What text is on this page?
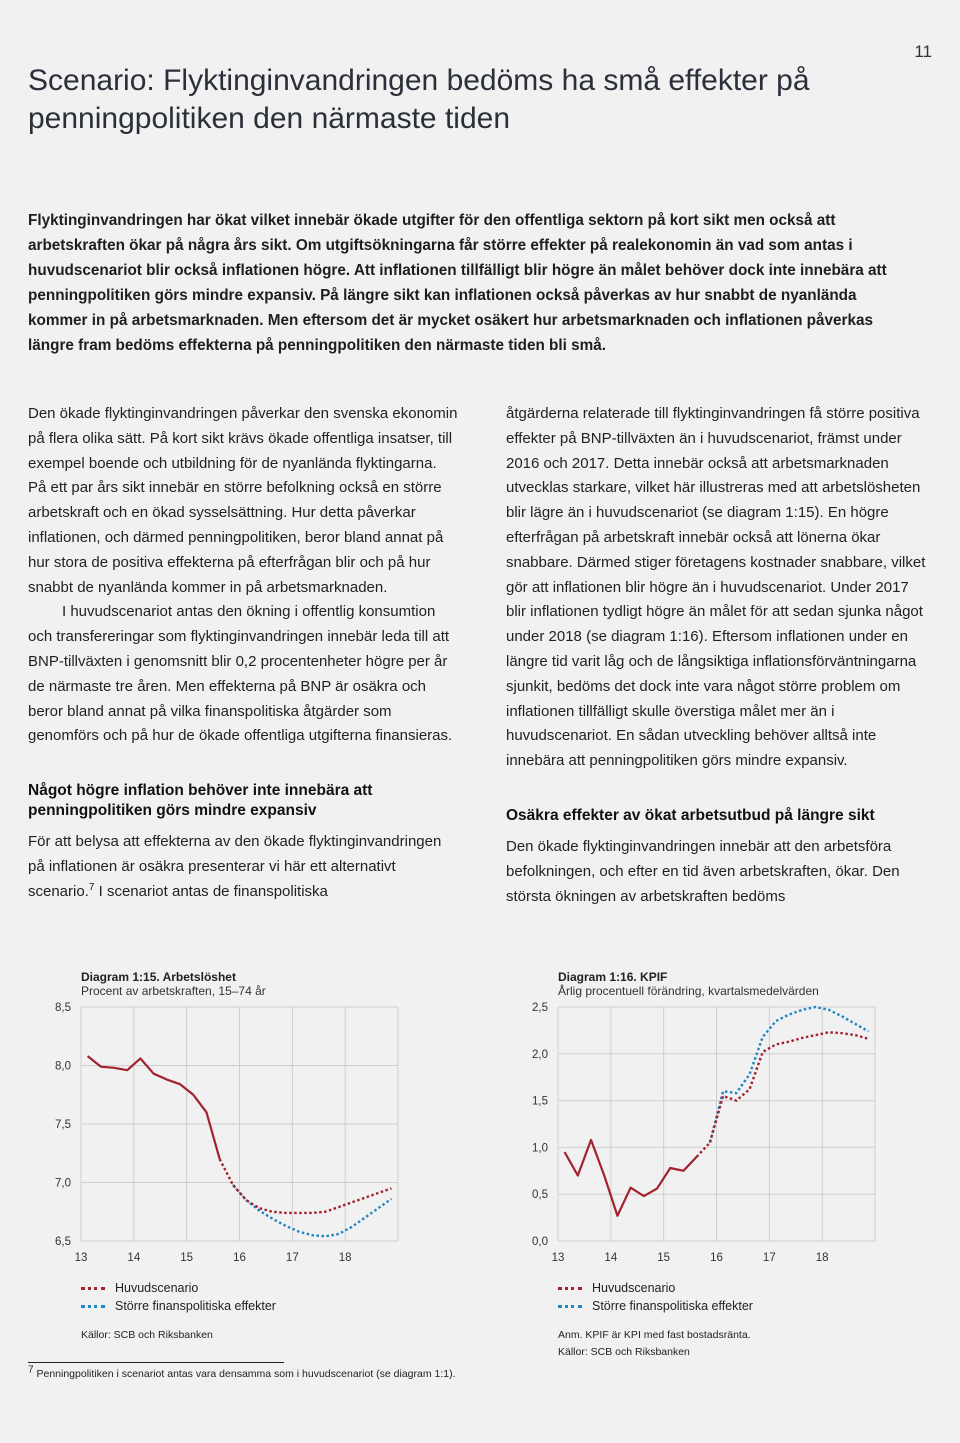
11
Scenario: Flyktinginvandringen bedöms ha små effekter på penningpolitiken den närmaste tiden

Flyktinginvandringen har ökat vilket innebär ökade utgifter för den offentliga sektorn på kort sikt men också att arbetskraften ökar på några års sikt. Om utgiftsökningarna får större effekter på realekonomin än vad som antas i huvudscenariot blir också inflationen högre. Att inflationen tillfälligt blir högre än målet behöver dock inte innebära att penningpolitiken görs mindre expansiv. På längre sikt kan inflationen också påverkas av hur snabbt de nyanlända kommer in på arbetsmarknaden. Men eftersom det är mycket osäkert hur arbetsmarknaden och inflationen påverkas längre fram bedöms effekterna på penningpolitiken den närmaste tiden bli små.

Den ökade flyktinginvandringen påverkar den svenska ekonomin på flera olika sätt. På kort sikt krävs ökade offentliga insatser, till exempel boende och utbildning för de nyanlända flyktingarna. På ett par års sikt innebär en större befolkning också en större arbetskraft och en ökad sysselsättning. Hur detta påverkar inflationen, och därmed penningpolitiken, beror bland annat på hur stora de positiva effekterna på efterfrågan blir och på hur snabbt de nyanlända kommer in på arbetsmarknaden.

I huvudscenariot antas den ökning i offentlig konsumtion och transfereringar som flyktinginvandringen innebär leda till att BNP-tillväxten i genomsnitt blir 0,2 procentenheter högre per år de närmaste tre åren. Men effekterna på BNP är osäkra och beror bland annat på vilka finanspolitiska åtgärder som genomförs och på hur de ökade offentliga utgifterna finansieras.

Något högre inflation behöver inte innebära att penningpolitiken görs mindre expansiv

För att belysa att effekterna av den ökade flyktinginvandringen på inflationen är osäkra presenterar vi här ett alternativt scenario.$^7$ I scenariot antas de finanspolitiska

åtgärderna relaterade till flyktinginvandringen få större positiva effekter på BNP-tillväxten än i huvudscenariot, främst under 2016 och 2017. Detta innebär också att arbetsmarknaden utvecklas starkare, vilket här illustreras med att arbetslösheten blir lägre än i huvudscenariot (se diagram 1:15). En högre efterfrågan på arbetskraft innebär också att lönerna ökar snabbare. Därmed stiger företagens kostnader snabbare, vilket gör att inflationen blir högre än i huvudscenariot. Under 2017 blir inflationen tydligt högre än målet för att sedan sjunka något under 2018 (se diagram 1:16). Eftersom inflationen under en längre tid varit låg och de långsiktiga inflationsförväntningarna sjunkit, bedöms det dock inte vara något större problem om inflationen tillfälligt skulle överstiga målet mer än i huvudscenariot. En sådan utveckling behöver alltså inte innebära att penningpolitiken görs mindre expansiv.

Osäkra effekter av ökat arbetsutbud på längre sikt

Den ökade flyktinginvandringen innebär att den arbetsföra befolkningen, och efter en tid även arbetskraften, ökar. Den största ökningen av arbetskraften bedöms

Diagram 1:15. Arbetslöshet
Procent av arbetskraften, 15–74 år
8,5
8,0
7,5
7,0
6,5
13	14	15	16	17	18
Huvudscenario
Större finanspolitiska effekter
Källor: SCB och Riksbanken
Diagram 1:16. KPIF
Årlig procentuell förändring, kvartalsmedelvärden
2,5
2,0
1,5
1,0
0,5
0,0
13	14	15	16	17	18
Huvudscenario
Större finanspolitiska effekter
Anm. KPIF är KPI med fast bostadsränta.
Källor: SCB och Riksbanken
$^7$ Penningpolitiken i scenariot antas vara densamma som i huvudscenariot (se diagram 1:1).
